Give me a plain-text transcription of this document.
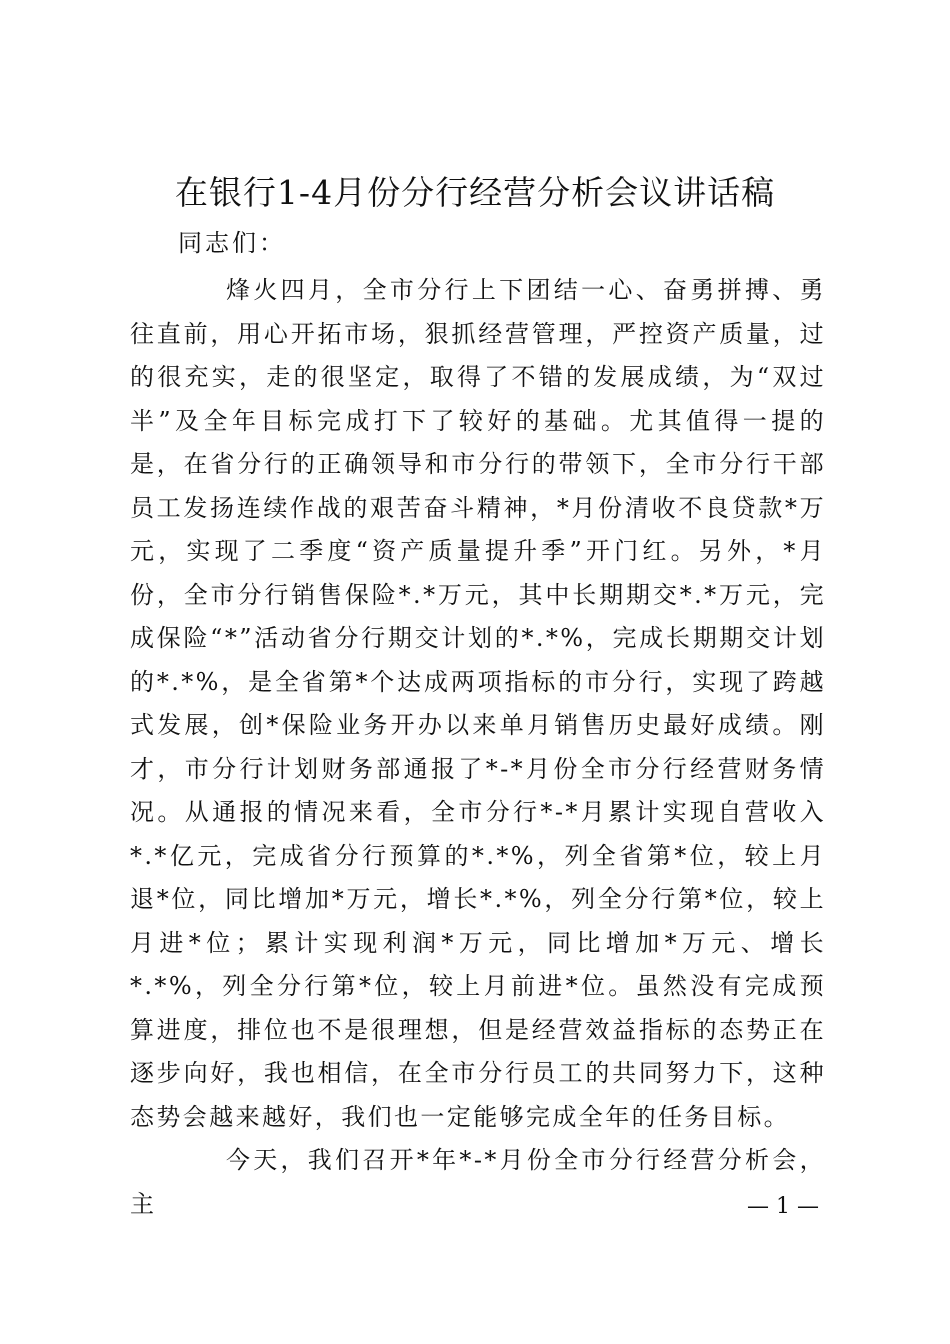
在银行1-4月份分行经营分析会议讲话稿
同志们：

烽火四月，全市分行上下团结一心、奋勇拼搏、勇往直前，用心开拓市场，狠抓经营管理，严控资产质量，过的很充实，走的很坚定，取得了不错的发展成绩，为“双过半”及全年目标完成打下了较好的基础。尤其值得一提的是，在省分行的正确领导和市分行的带领下，全市分行干部员工发扬连续作战的艰苦奋斗精神，*月份清收不良贷款*万元，实现了二季度“资产质量提升季”开门红。另外，*月份，全市分行销售保险*.*万元，其中长期期交*.*万元，完成保险“*”活动省分行期交计划的*.*%，完成长期期交计划的*.*%，是全省第*个达成两项指标的市分行，实现了跨越式发展，创*保险业务开办以来单月销售历史最好成绩。刚才，市分行计划财务部通报了*-*月份全市分行经营财务情况。从通报的情况来看，全市分行*-*月累计实现自营收入*.*亿元，完成省分行预算的*.*%，列全省第*位，较上月退*位，同比增加*万元，增长*.*%，列全分行第*位，较上月进*位；累计实现利润*万元，同比增加*万元、增长*.*%，列全分行第*位，较上月前进*位。虽然没有完成预算进度，排位也不是很理想，但是经营效益指标的态势正在逐步向好，我也相信，在全市分行员工的共同努力下，这种态势会越来越好，我们也一定能够完成全年的任务目标。

今天，我们召开*年*-*月份全市分行经营分析会，主	— 1 —
